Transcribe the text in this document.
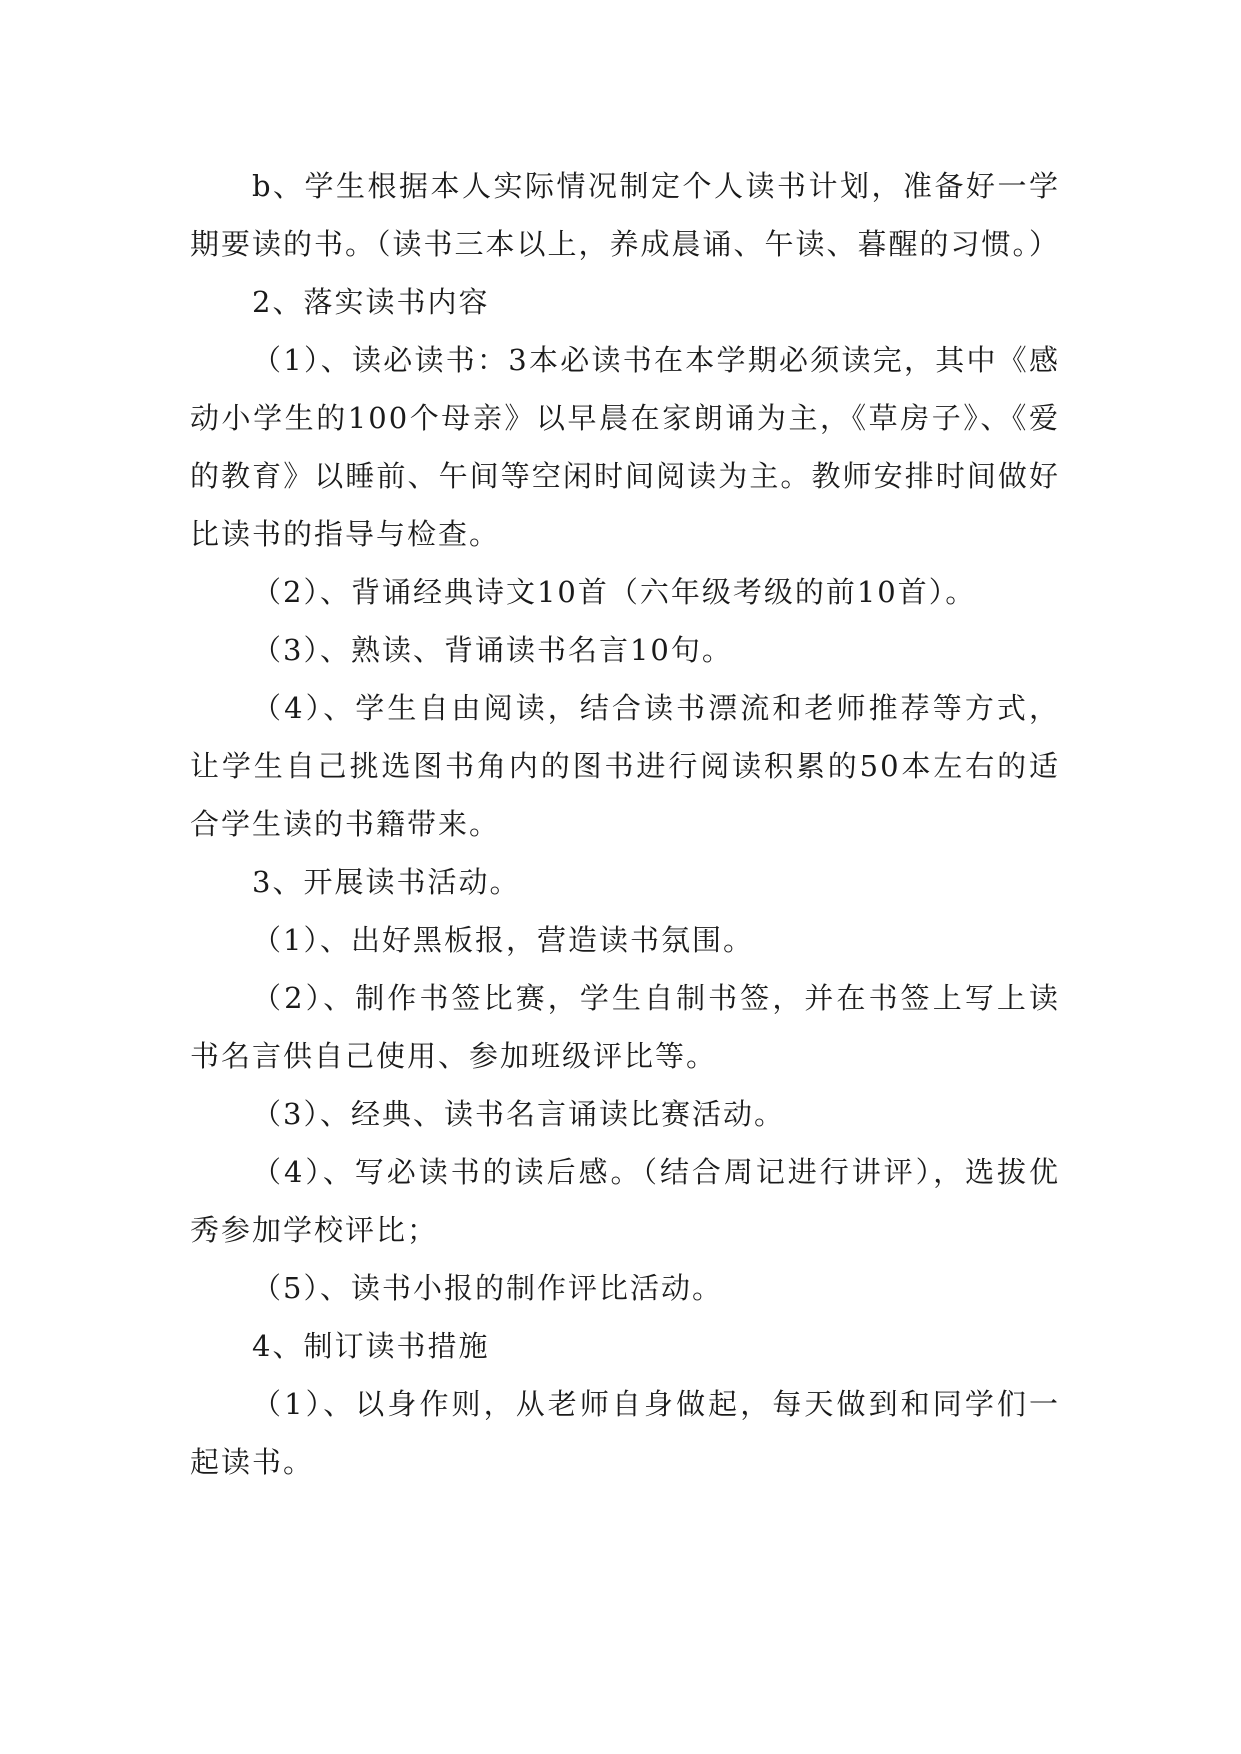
b、学生根据本人实际情况制定个人读书计划，准备好一学期要读的书。（读书三本以上，养成晨诵、午读、暮醒的习惯。）

2、落实读书内容

（1）、读必读书：3本必读书在本学期必须读完，其中《感动小学生的100个母亲》以早晨在家朗诵为主，《草房子》、《爱的教育》以睡前、午间等空闲时间阅读为主。教师安排时间做好比读书的指导与检查。

（2）、背诵经典诗文10首（六年级考级的前10首）。

（3）、熟读、背诵读书名言10句。

（4）、学生自由阅读，结合读书漂流和老师推荐等方式，让学生自己挑选图书角内的图书进行阅读积累的50本左右的适合学生读的书籍带来。

3、开展读书活动。

（1）、出好黑板报，营造读书氛围。

（2）、制作书签比赛，学生自制书签，并在书签上写上读书名言供自己使用、参加班级评比等。

（3）、经典、读书名言诵读比赛活动。

（4）、写必读书的读后感。（结合周记进行讲评），选拔优秀参加学校评比；

（5）、读书小报的制作评比活动。

4、制订读书措施

（1）、以身作则，从老师自身做起，每天做到和同学们一起读书。
